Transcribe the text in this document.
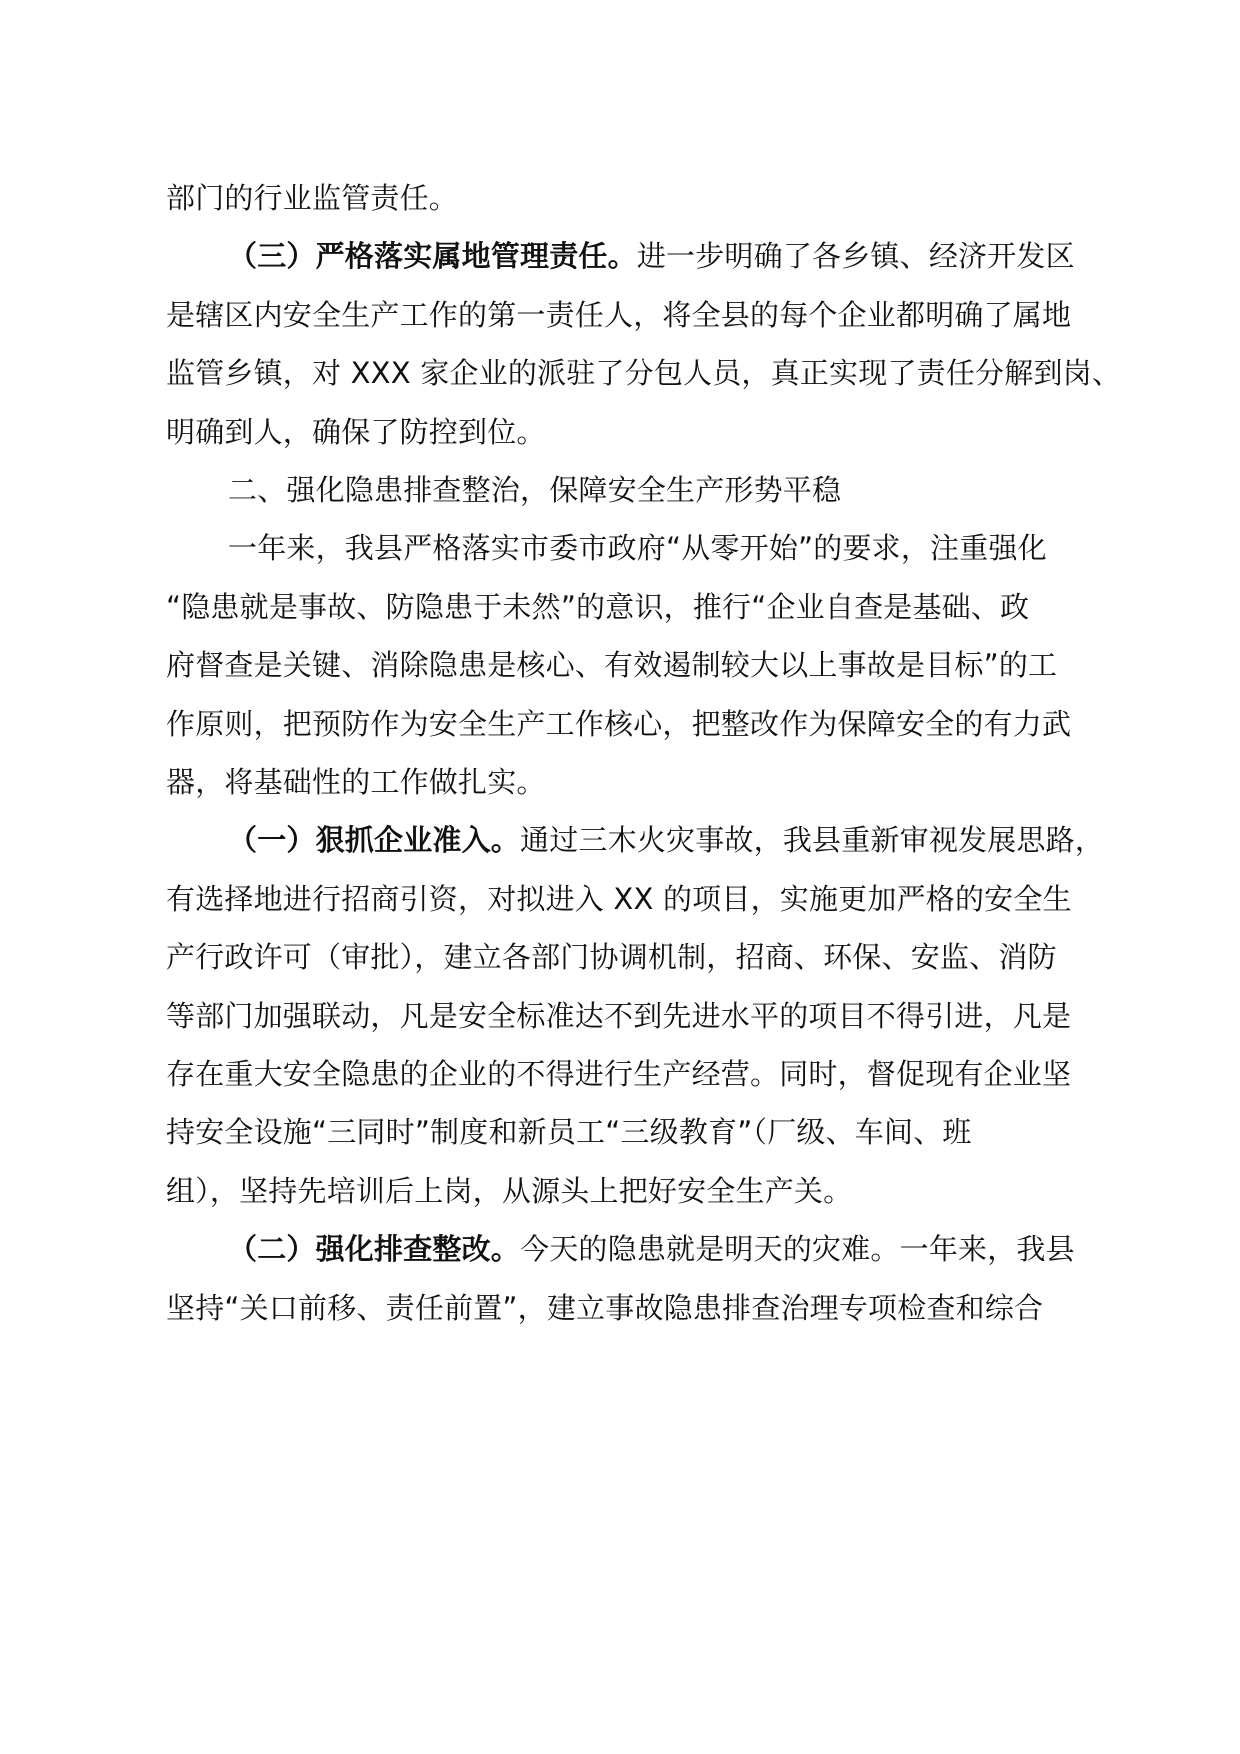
部门的行业监管责任。
（三）严格落实属地管理责任。进一步明确了各乡镇、经济开发区
是辖区内安全生产工作的第一责任人，将全县的每个企业都明确了属地
监管乡镇，对 XXX 家企业的派驻了分包人员，真正实现了责任分解到岗、
明确到人，确保了防控到位。
二、强化隐患排查整治，保障安全生产形势平稳
一年来，我县严格落实市委市政府“从零开始”的要求，注重强化
“隐患就是事故、防隐患于未然”的意识，推行“企业自查是基础、政
府督查是关键、消除隐患是核心、有效遏制较大以上事故是目标”的工
作原则，把预防作为安全生产工作核心，把整改作为保障安全的有力武
器，将基础性的工作做扎实。
（一）狠抓企业准入。通过三木火灾事故，我县重新审视发展思路，
有选择地进行招商引资，对拟进入 XX 的项目，实施更加严格的安全生
产行政许可（审批），建立各部门协调机制，招商、环保、安监、消防
等部门加强联动，凡是安全标准达不到先进水平的项目不得引进，凡是
存在重大安全隐患的企业的不得进行生产经营。同时，督促现有企业坚
持安全设施“三同时”制度和新员工“三级教育”（厂级、车间、班
组），坚持先培训后上岗，从源头上把好安全生产关。
（二）强化排查整改。今天的隐患就是明天的灾难。一年来，我县
坚持“关口前移、责任前置”，建立事故隐患排查治理专项检查和综合
